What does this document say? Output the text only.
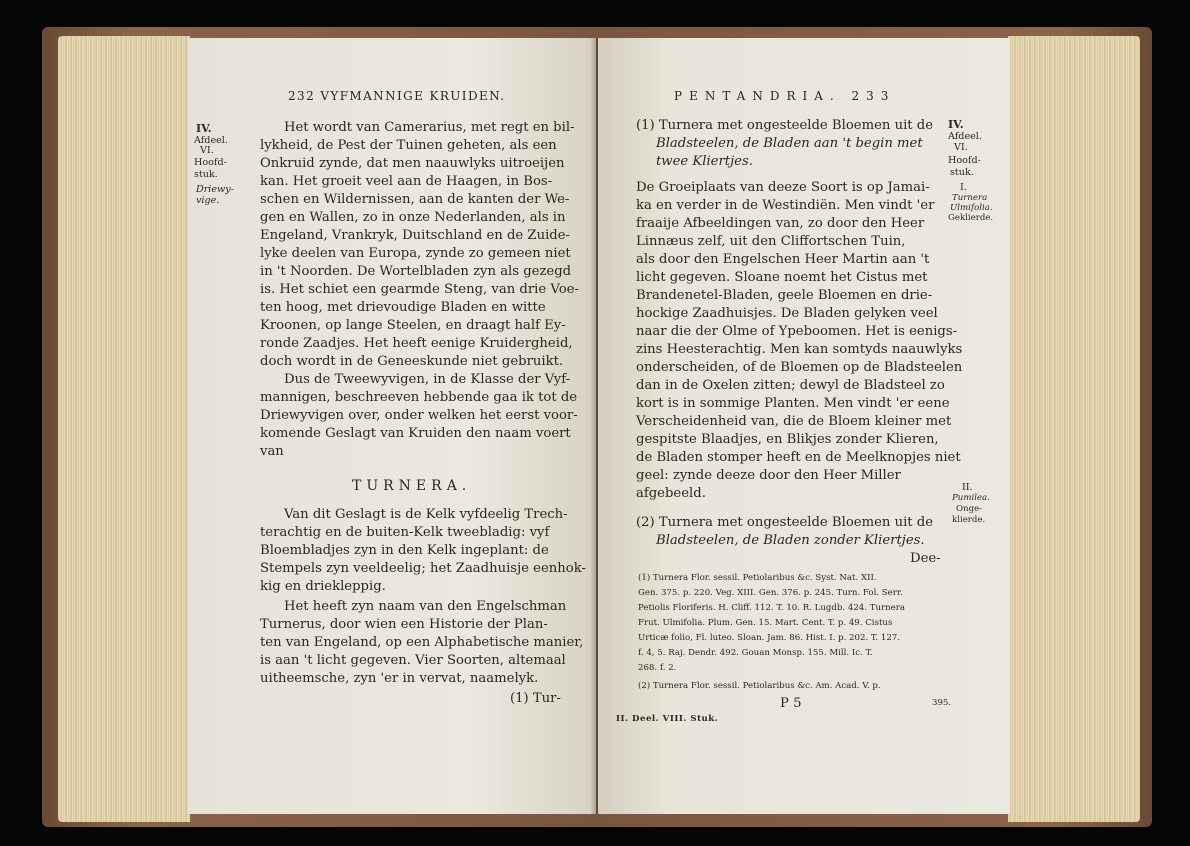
232 VYFMANNIGE KRUIDEN.
IV.
Afdeel.
VI.
Hoofd-
stuk.
Driewy-
vige.
Het wordt van Camerarius, met regt en bil-
lykheid, de Pest der Tuinen geheten, als een
Onkruid zynde, dat men naauwlyks uitroeijen
kan. Het groeit veel aan de Haagen, in Bos-
schen en Wildernissen, aan de kanten der We-
gen en Wallen, zo in onze Nederlanden, als in
Engeland, Vrankryk, Duitschland en de Zuide-
lyke deelen van Europa, zynde zo gemeen niet
in 't Noorden. De Wortelbladen zyn als gezegd
is. Het schiet een gearmde Steng, van drie Voe-
ten hoog, met drievoudige Bladen en witte
Kroonen, op lange Steelen, en draagt half Ey-
ronde Zaadjes. Het heeft eenige Kruidergheid,
doch wordt in de Geneeskunde niet gebruikt.
Dus de Tweewyvigen, in de Klasse der Vyf-
mannigen, beschreeven hebbende gaa ik tot de
Driewyvigen over, onder welken het eerst voor-
komende Geslagt van Kruiden den naam voert
van
TURNERA.
Van dit Geslagt is de Kelk vyfdeelig Trech-
terachtig en de buiten-Kelk tweebladig: vyf
Bloembladjes zyn in den Kelk ingeplant: de
Stempels zyn veeldeelig; het Zaadhuisje eenhok-
kig en driekleppig.
Het heeft zyn naam van den Engelschman
Turnerus, door wien een Historie der Plan-
ten van Engeland, op een Alphabetische manier,
is aan 't licht gegeven. Vier Soorten, altemaal
uitheemsche, zyn 'er in vervat, naamelyk.
(1) Tur-
PENTANDRIA. 233
IV.
Afdeel.
VI.
Hoofd-
stuk.
I.
Turnera
Ulmifolia.
Geklierde.
(1) Turnera met ongesteelde Bloemen uit de
Bladsteelen, de Bladen aan 't begin met
twee Kliertjes.
De Groeiplaats van deeze Soort is op Jamai-
ka en verder in de Westindiën. Men vindt 'er
fraaije Afbeeldingen van, zo door den Heer
Linnæus zelf, uit den Cliffortschen Tuin,
als door den Engelschen Heer Martin aan 't
licht gegeven. Sloane noemt het Cistus met
Brandenetel-Bladen, geele Bloemen en drie-
hockige Zaadhuisjes. De Bladen gelyken veel
naar die der Olme of Ypeboomen. Het is eenigs-
zins Heesterachtig. Men kan somtyds naauwlyks
onderscheiden, of de Bloemen op de Bladsteelen
dan in de Oxelen zitten; dewyl de Bladsteel zo
kort is in sommige Planten. Men vindt 'er eene
Verscheidenheid van, die de Bloem kleiner met
gespitste Blaadjes, en Blikjes zonder Klieren,
de Bladen stomper heeft en de Meelknopjes niet
geel: zynde deeze door den Heer Miller
afgebeeld.	II.
Pumilea.
Onge-
klierde.
(2) Turnera met ongesteelde Bloemen uit de
Bladsteelen, de Bladen zonder Kliertjes.
Dee-
(1) Turnera Flor. sessil. Petiolaribus &c. Syst. Nat. XII.
Gen. 375. p. 220. Veg. XIII. Gen. 376. p. 245. Turn. Fol. Serr.
Petiolis Floriferis. H. Cliff. 112. T. 10. R. Lugdb. 424. Turnera
Frut. Ulmifolia. Plum. Gen. 15. Mart. Cent. T. p. 49. Cistus
Urticæ folio, Fl. luteo. Sloan. Jam. 86. Hist. I. p. 202. T. 127.
f. 4, 5. Raj. Dendr. 492. Gouan Monsp. 155. Mill. Ic. T.
268. f. 2.
(2) Turnera Flor. sessil. Petiolaribus &c. Am. Acad. V. p.
P 5	395.
II. Deel. VIII. Stuk.
